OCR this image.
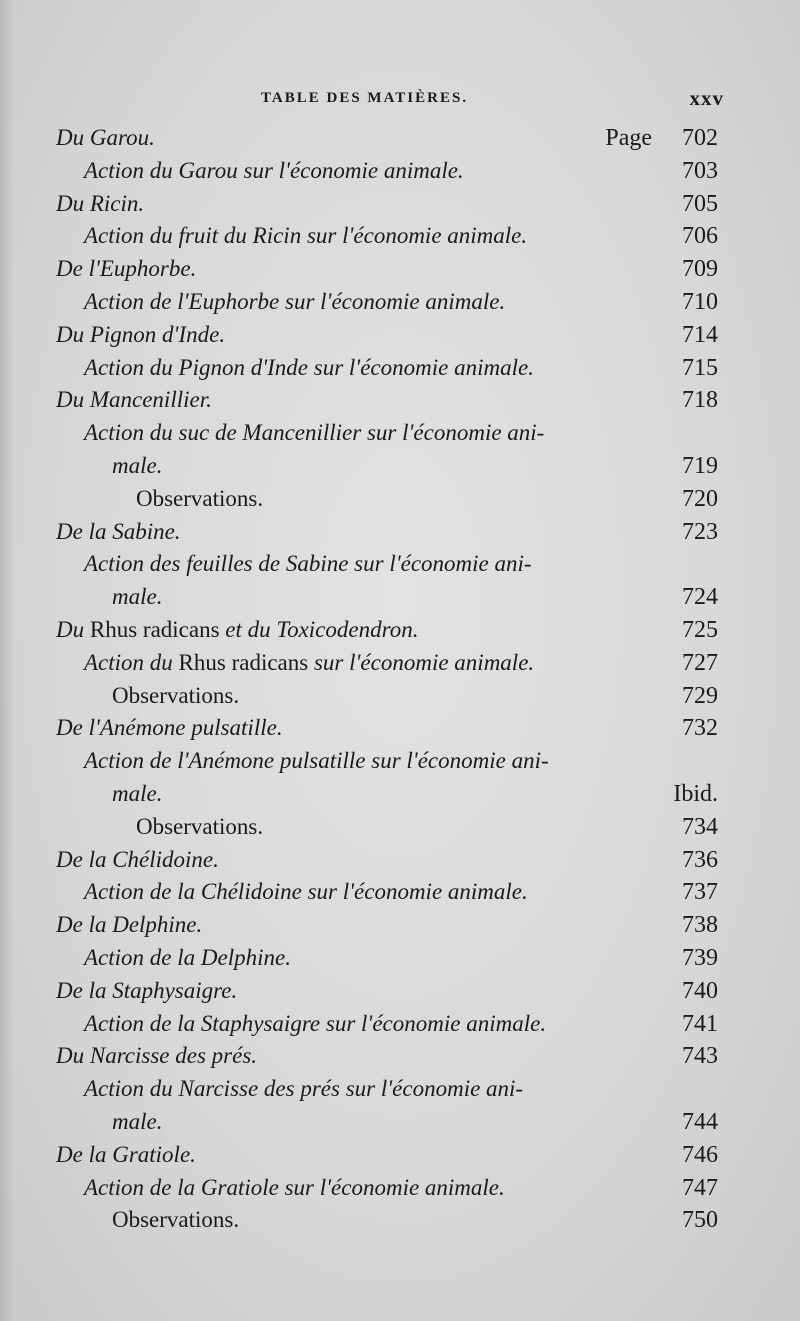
TABLE DES MATIÈRES.	xxv
Du Garou.	Page 702
Action du Garou sur l'économie animale.	703
Du Ricin.	705
Action du fruit du Ricin sur l'économie animale.	706
De l'Euphorbe.	709
Action de l'Euphorbe sur l'économie animale.	710
Du Pignon d'Inde.	714
Action du Pignon d'Inde sur l'économie animale.	715
Du Mancenillier.	718
Action du suc de Mancenillier sur l'économie ani-
male.	719
Observations.	720
De la Sabine.	723
Action des feuilles de Sabine sur l'économie ani-
male.	724
Du Rhus radicans et du Toxicodendron.	725
Action du Rhus radicans sur l'économie animale.	727
Observations.	729
De l'Anémone pulsatille.	732
Action de l'Anémone pulsatille sur l'économie ani-
male.	Ibid.
Observations.	734
De la Chélidoine.	736
Action de la Chélidoine sur l'économie animale.	737
De la Delphine.	738
Action de la Delphine.	739
De la Staphysaigre.	740
Action de la Staphysaigre sur l'économie animale.	741
Du Narcisse des prés.	743
Action du Narcisse des prés sur l'économie ani-
male.	744
De la Gratiole.	746
Action de la Gratiole sur l'économie animale.	747
Observations.	750
